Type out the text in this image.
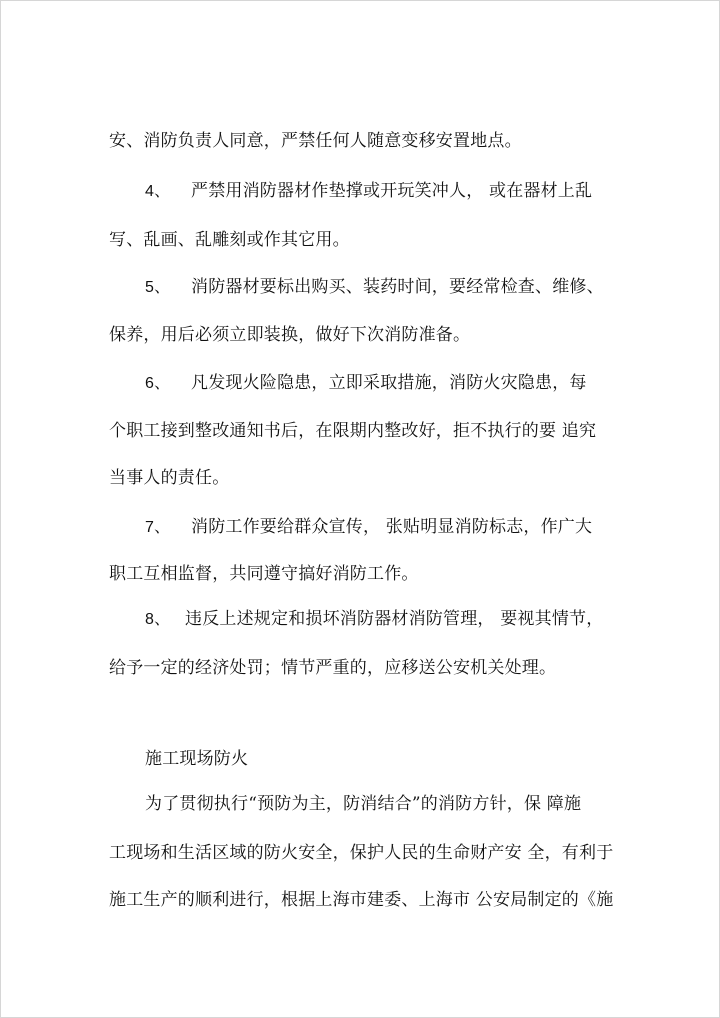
安、消防负责人同意，严禁任何人随意变移安置地点。
4、 严禁用消防器材作垫撑或开玩笑冲人， 或在器材上乱
写、乱画、乱雕刻或作其它用。
5、 消防器材要标出购买、装药时间，要经常检查、维修、
保养，用后必须立即装换，做好下次消防准备。
6、 凡发现火险隐患，立即采取措施，消防火灾隐患，每
个职工接到整改通知书后，在限期内整改好，拒不执行的要 追究
当事人的责任。
7、 消防工作要给群众宣传， 张贴明显消防标志，作广大
职工互相监督，共同遵守搞好消防工作。
8、 违反上述规定和损坏消防器材消防管理， 要视其情节，
给予一定的经济处罚；情节严重的，应移送公安机关处理。
施工现场防火
为了贯彻执行“预防为主，防消结合”的消防方针，保 障施
工现场和生活区域的防火安全，保护人民的生命财产安 全，有利于
施工生产的顺利进行，根据上海市建委、上海市 公安局制定的《施
